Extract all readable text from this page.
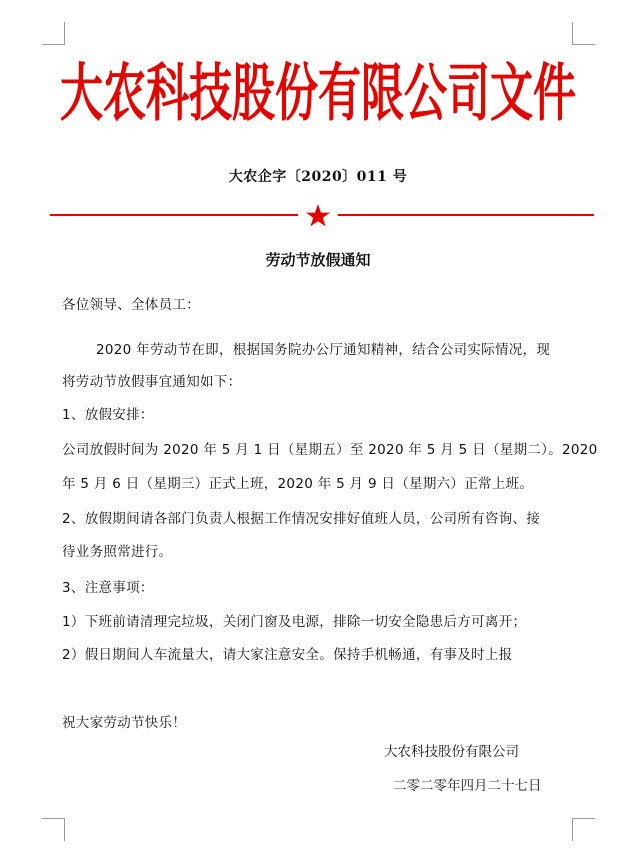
大农科技股份有限公司文件
大农企字〔2020〕011 号
劳动节放假通知
各位领导、全体员工：
2020 年劳动节在即，根据国务院办公厅通知精神，结合公司实际情况，现
将劳动节放假事宜通知如下：
1、放假安排：
公司放假时间为 2020 年 5 月 1 日（星期五）至 2020 年 5 月 5 日（星期二）。2020
年 5 月 6 日（星期三）正式上班，2020 年 5 月 9 日（星期六）正常上班。
2、放假期间请各部门负责人根据工作情况安排好值班人员，公司所有咨询、接
待业务照常进行。
3、注意事项：
1）下班前请清理完垃圾，关闭门窗及电源，排除一切安全隐患后方可离开；
2）假日期间人车流量大，请大家注意安全。保持手机畅通，有事及时上报
祝大家劳动节快乐！
大农科技股份有限公司
二零二零年四月二十七日
